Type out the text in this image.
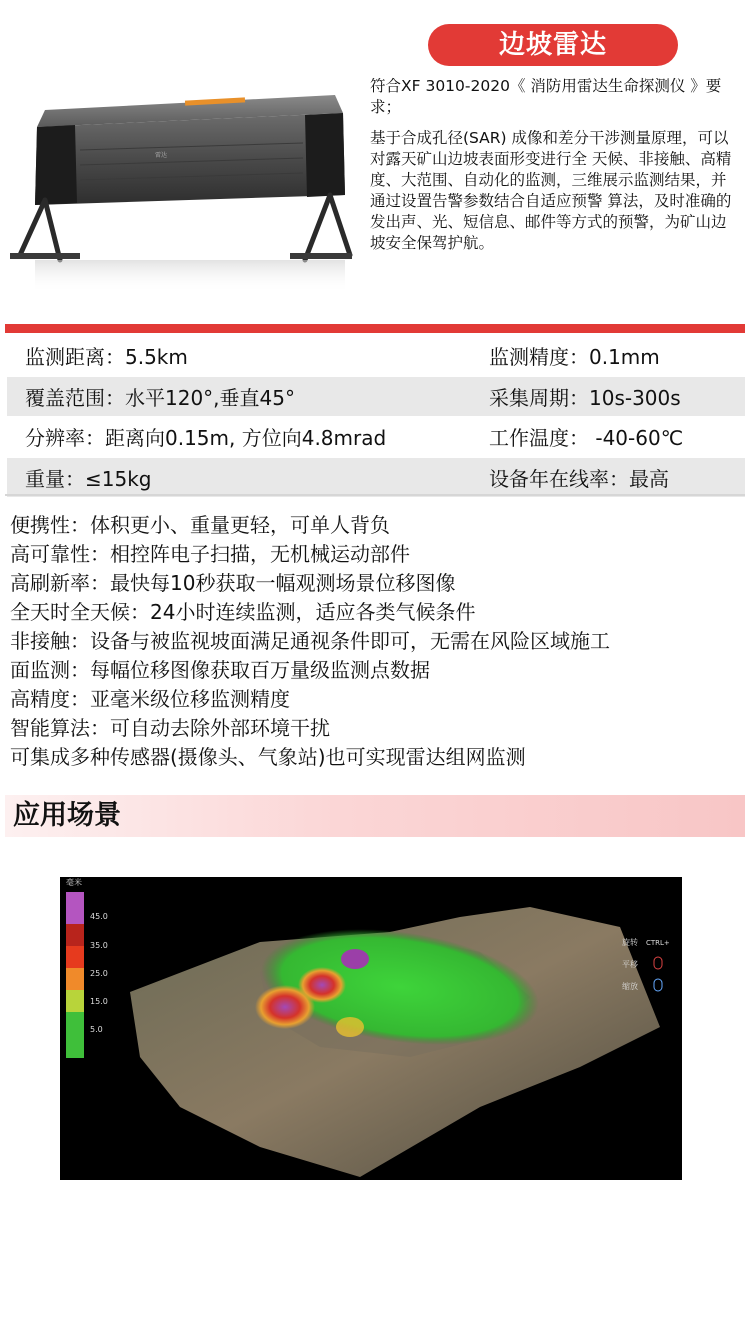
雷达
边坡雷达

符合XF 3010-2020《 消防用雷达生命探测仪 》要求；

基于合成孔径(SAR) 成像和差分干涉测量原理，可以对露天矿山边坡表面形变进行全 天候、非接触、高精度、大范围、自动化的监测，三维展示监测结果，并通过设置告警参数结合自适应预警 算法，及时准确的发出声、光、短信息、邮件等方式的预警，为矿山边坡安全保驾护航。

监测距离：5.5km	监测精度：0.1mm
覆盖范围：水平120°,垂直45°	采集周期：10s-300s
分辨率：距离向0.15m, 方位向4.8mrad	工作温度： -40-60℃
重量：≤15kg	设备年在线率：最高
便携性：体积更小、重量更轻，可单人背负
高可靠性：相控阵电子扫描，无机械运动部件
高刷新率：最快每10秒获取一幅观测场景位移图像
全天时全天候：24小时连续监测，适应各类气候条件
非接触：设备与被监视坡面满足通视条件即可，无需在风险区域施工
面监测：每幅位移图像获取百万量级监测点数据
高精度：亚毫米级位移监测精度
智能算法：可自动去除外部环境干扰
可集成多种传感器(摄像头、气象站)也可实现雷达组网监测
应用场景
毫米
45.0
35.0
25.0
15.0
5.0
旋转 CTRL+
平移
缩放
